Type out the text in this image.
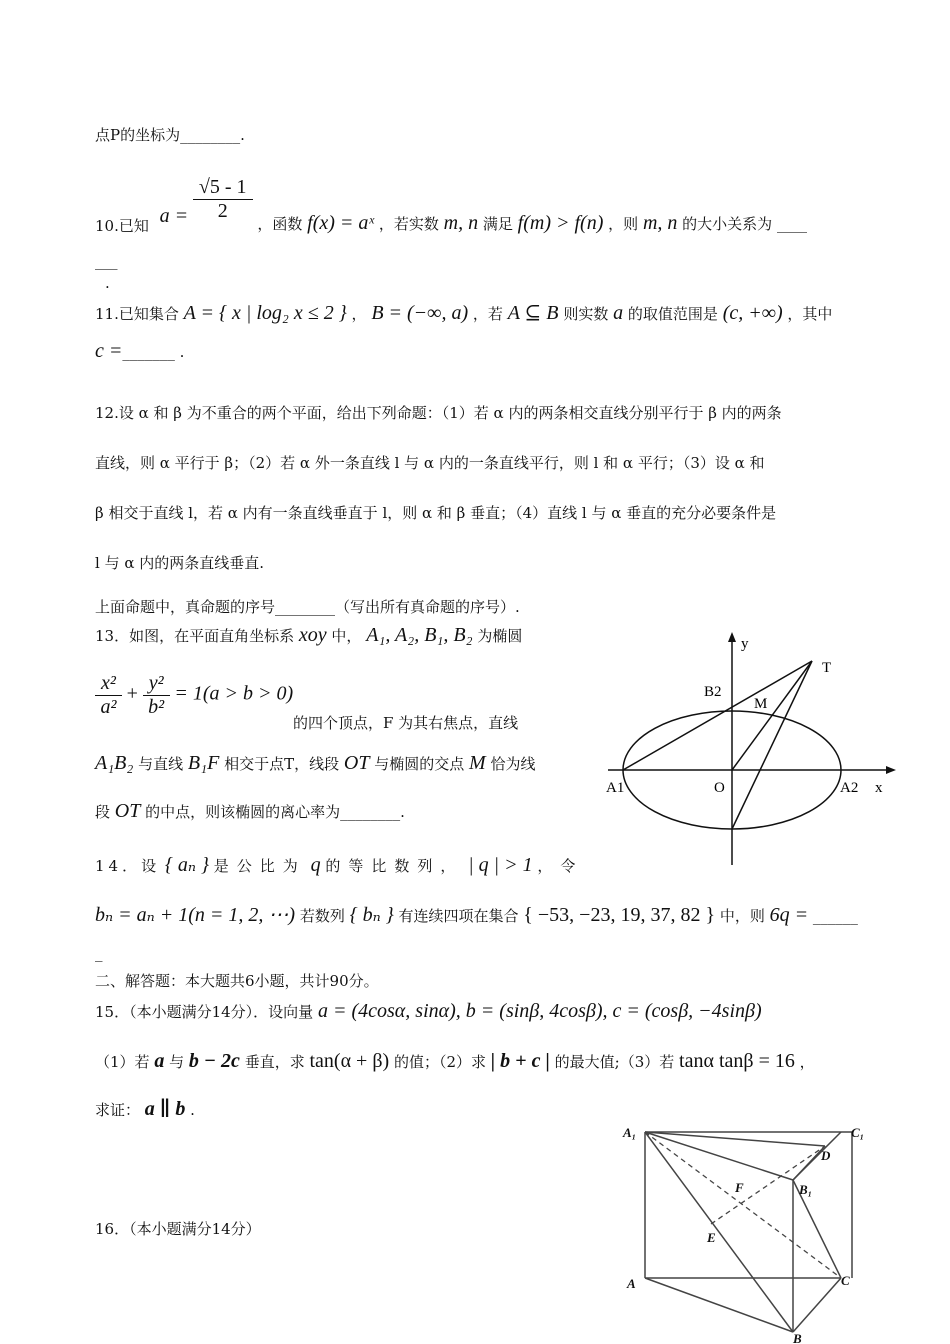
点P的坐标为________.
10.已知 $a = \frac{√5 - 1}{2}$
，函数 f(x) = aˣ ，若实数 m, n 满足 f(m) > f(n) ，则 m, n 的大小关系为 ____
___
.
11.已知集合 A = { x | log₂ x ≤ 2 } ， B = (−∞, a) ，若 A ⊆ B 则实数 a 的取值范围是 (c, +∞) ，其中
c =_______ .
12.设 α 和 β 为不重合的两个平面，给出下列命题：（1）若 α 内的两条相交直线分别平行于 β 内的两条
直线，则 α 平行于 β；（2）若 α 外一条直线 l 与 α 内的一条直线平行，则 l 和 α 平行；（3）设 α 和
β 相交于直线 l，若 α 内有一条直线垂直于 l，则 α 和 β 垂直；（4）直线 l 与 α 垂直的充分必要条件是
l 与 α 内的两条直线垂直.
上面命题中，真命题的序号________（写出所有真命题的序号）.
13．如图，在平面直角坐标系 xoy 中， A₁, A₂, B₁, B₂ 为椭圆
$\frac{\text{x²}}{\text{a²}} + \frac{\text{y²}}{\text{b²}} = 1(a > b > 0)$
的四个顶点，F 为其右焦点，直线
A₁B₂ 与直线 B₁F 相交于点T，线段 OT 与椭圆的交点 M 恰为线
段 OT 的中点，则该椭圆的离心率为________.
y
T
B2
M
A1	O	A2 x
14．设 { aₙ } 是公比为 q 的等比数列， | q | > 1 ，令
bₙ = aₙ + 1(n = 1, 2, ⋯) 若数列 { bₙ } 有连续四项在集合 { −53, −23, 19, 37, 82 } 中，则 6q = ______
_
二、解答题：本大题共6小题，共计90分。
15．（本小题满分14分）．设向量 a = (4cosα, sinα), b = (sinβ, 4cosβ), c = (cosβ, −4sinβ)
（1）若 a 与 b − 2c 垂直，求 tan(α + β) 的值；（2）求 | b + c | 的最大值;（3）若 tanα tanβ = 16 ，
求证： a ∥ b .
16．（本小题满分14分）
A₁	C₁
D
F	B₁
E
A	C
B
